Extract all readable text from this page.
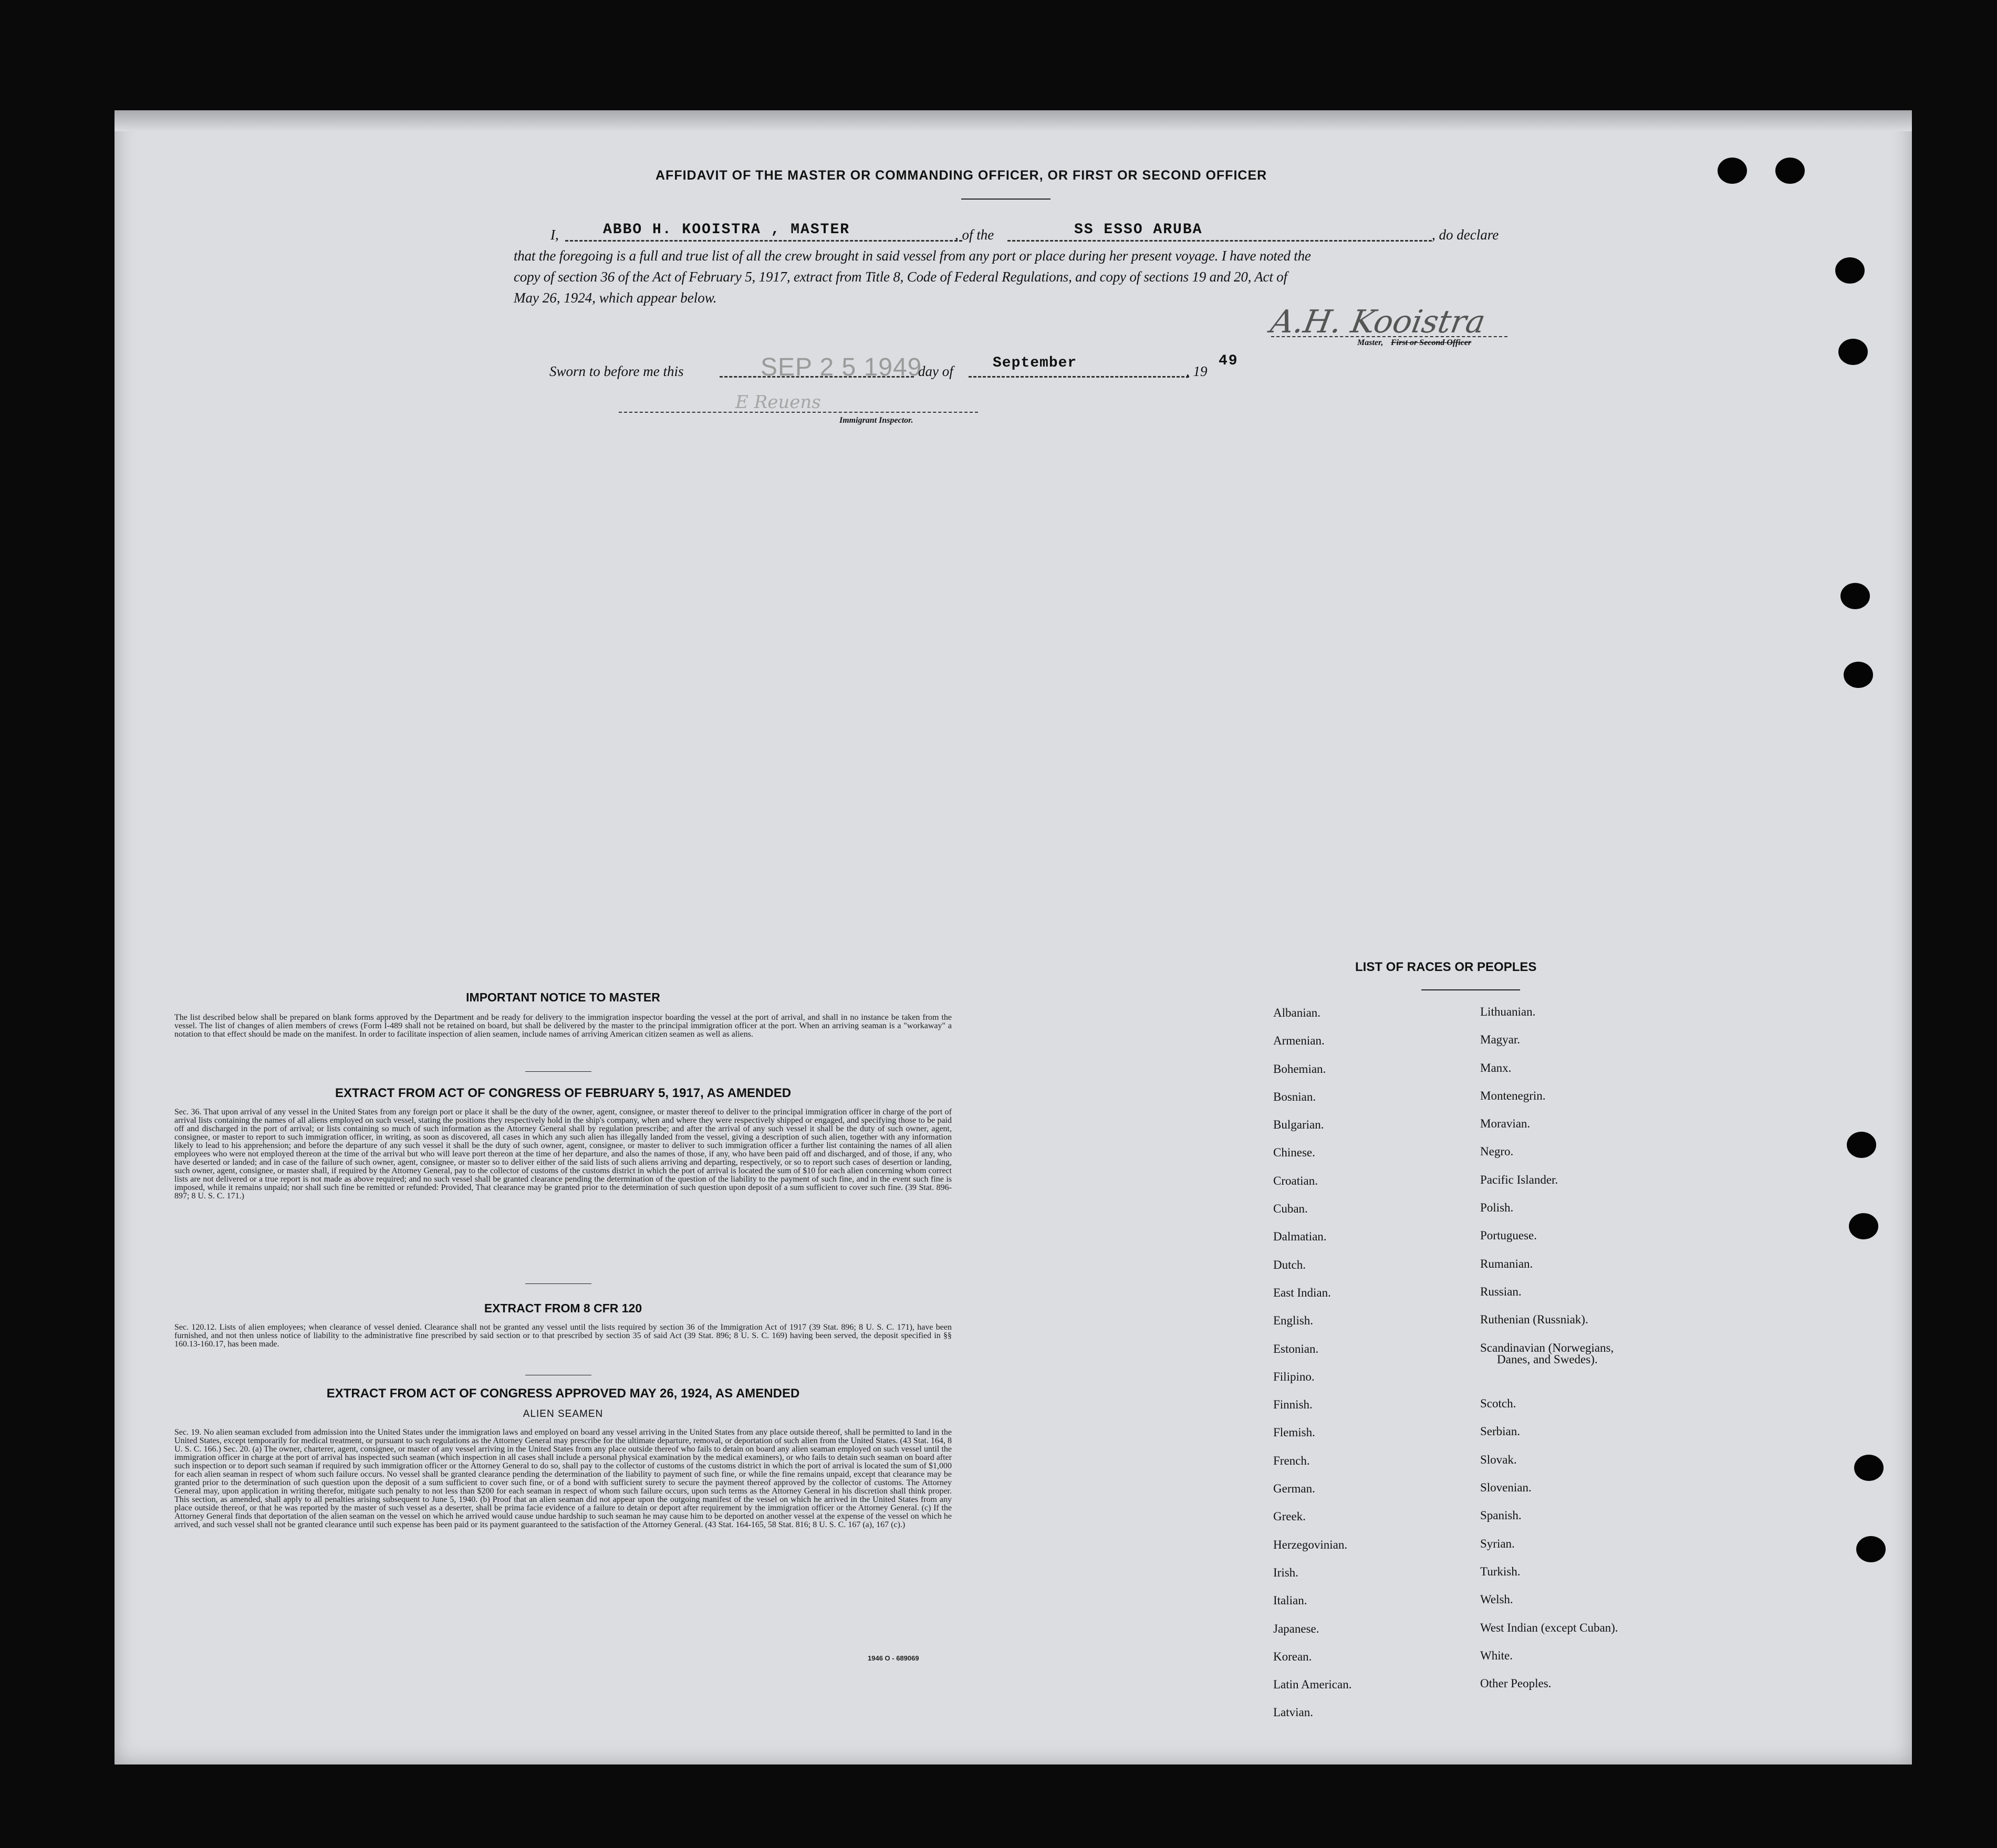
AFFIDAVIT OF THE MASTER OR COMMANDING OFFICER, OR FIRST OR SECOND OFFICER
I,	ABBO H. KOOISTRA , MASTER	, of the	SS ESSO ARUBA	, do declare
that the foregoing is a full and true list of all the crew brought in said vessel from any port or place during her present voyage. I have noted the
copy of section 36 of the Act of February 5, 1917, extract from Title 8, Code of Federal Regulations, and copy of sections 19 and 20, Act of
May 26, 1924, which appear below.
A.H. Kooistra
Master, First or Second Officer
Sworn to before me this	SEP 2 5 1949
day of	September	, 19
49
E Reuens
Immigrant Inspector.
IMPORTANT NOTICE TO MASTER
The list described below shall be prepared on blank forms approved by the Department and be ready for delivery to the immigration inspector boarding the vessel at the port of arrival, and shall in no instance be taken from the vessel. The list of changes of alien members of crews (Form I-489 shall not be retained on board, but shall be delivered by the master to the principal immigration officer at the port. When an arriving seaman is a "workaway" a notation to that effect should be made on the manifest. In order to facilitate inspection of alien seamen, include names of arriving American citizen seamen as well as aliens.
EXTRACT FROM ACT OF CONGRESS OF FEBRUARY 5, 1917, AS AMENDED
Sec. 36. That upon arrival of any vessel in the United States from any foreign port or place it shall be the duty of the owner, agent, consignee, or master thereof to deliver to the principal immigration officer in charge of the port of arrival lists containing the names of all aliens employed on such vessel, stating the positions they respectively hold in the ship's company, when and where they were respectively shipped or engaged, and specifying those to be paid off and discharged in the port of arrival; or lists containing so much of such information as the Attorney General shall by regulation prescribe; and after the arrival of any such vessel it shall be the duty of such owner, agent, consignee, or master to report to such immigration officer, in writing, as soon as discovered, all cases in which any such alien has illegally landed from the vessel, giving a description of such alien, together with any information likely to lead to his apprehension; and before the departure of any such vessel it shall be the duty of such owner, agent, consignee, or master to deliver to such immigration officer a further list containing the names of all alien employees who were not employed thereon at the time of the arrival but who will leave port thereon at the time of her departure, and also the names of those, if any, who have been paid off and discharged, and of those, if any, who have deserted or landed; and in case of the failure of such owner, agent, consignee, or master so to deliver either of the said lists of such aliens arriving and departing, respectively, or so to report such cases of desertion or landing, such owner, agent, consignee, or master shall, if required by the Attorney General, pay to the collector of customs of the customs district in which the port of arrival is located the sum of $10 for each alien concerning whom correct lists are not delivered or a true report is not made as above required; and no such vessel shall be granted clearance pending the determination of the question of the liability to the payment of such fine, and in the event such fine is imposed, while it remains unpaid; nor shall such fine be remitted or refunded: Provided, That clearance may be granted prior to the determination of such question upon deposit of a sum sufficient to cover such fine. (39 Stat. 896-897; 8 U. S. C. 171.)
EXTRACT FROM 8 CFR 120
Sec. 120.12. Lists of alien employees; when clearance of vessel denied. Clearance shall not be granted any vessel until the lists required by section 36 of the Immigration Act of 1917 (39 Stat. 896; 8 U. S. C. 171), have been furnished, and not then unless notice of liability to the administrative fine prescribed by said section or to that prescribed by section 35 of said Act (39 Stat. 896; 8 U. S. C. 169) having been served, the deposit specified in §§ 160.13-160.17, has been made.
EXTRACT FROM ACT OF CONGRESS APPROVED MAY 26, 1924, AS AMENDED
ALIEN SEAMEN
Sec. 19. No alien seaman excluded from admission into the United States under the immigration laws and employed on board any vessel arriving in the United States from any place outside thereof, shall be permitted to land in the United States, except temporarily for medical treatment, or pursuant to such regulations as the Attorney General may prescribe for the ultimate departure, removal, or deportation of such alien from the United States. (43 Stat. 164, 8 U. S. C. 166.) Sec. 20. (a) The owner, charterer, agent, consignee, or master of any vessel arriving in the United States from any place outside thereof who fails to detain on board any alien seaman employed on such vessel until the immigration officer in charge at the port of arrival has inspected such seaman (which inspection in all cases shall include a personal physical examination by the medical examiners), or who fails to detain such seaman on board after such inspection or to deport such seaman if required by such immigration officer or the Attorney General to do so, shall pay to the collector of customs of the customs district in which the port of arrival is located the sum of $1,000 for each alien seaman in respect of whom such failure occurs. No vessel shall be granted clearance pending the determination of the liability to payment of such fine, or while the fine remains unpaid, except that clearance may be granted prior to the determination of such question upon the deposit of a sum sufficient to cover such fine, or of a bond with sufficient surety to secure the payment thereof approved by the collector of customs. The Attorney General may, upon application in writing therefor, mitigate such penalty to not less than $200 for each seaman in respect of whom such failure occurs, upon such terms as the Attorney General in his discretion shall think proper. This section, as amended, shall apply to all penalties arising subsequent to June 5, 1940. (b) Proof that an alien seaman did not appear upon the outgoing manifest of the vessel on which he arrived in the United States from any place outside thereof, or that he was reported by the master of such vessel as a deserter, shall be prima facie evidence of a failure to detain or deport after requirement by the immigration officer or the Attorney General. (c) If the Attorney General finds that deportation of the alien seaman on the vessel on which he arrived would cause undue hardship to such seaman he may cause him to be deported on another vessel at the expense of the vessel on which he arrived, and such vessel shall not be granted clearance until such expense has been paid or its payment guaranteed to the satisfaction of the Attorney General. (43 Stat. 164-165, 58 Stat. 816; 8 U. S. C. 167 (a), 167 (c).)
1946 O - 689069
LIST OF RACES OR PEOPLES
Albanian.
Armenian.
Bohemian.
Bosnian.
Bulgarian.
Chinese.
Croatian.
Cuban.
Dalmatian.
Dutch.
East Indian.
English.
Estonian.
Filipino.
Finnish.
Flemish.
French.
German.
Greek.
Herzegovinian.
Irish.
Italian.
Japanese.
Korean.
Latin American.
Latvian.
Lithuanian.
Magyar.
Manx.
Montenegrin.
Moravian.
Negro.
Pacific Islander.
Polish.
Portuguese.
Rumanian.
Russian.
Ruthenian (Russniak).
Scandinavian (Norwegians,
Scotch.
Serbian.
Slovak.
Slovenian.
Spanish.
Syrian.
Turkish.
Welsh.
West Indian (except Cuban).
White.
Other Peoples.
Danes, and Swedes).
